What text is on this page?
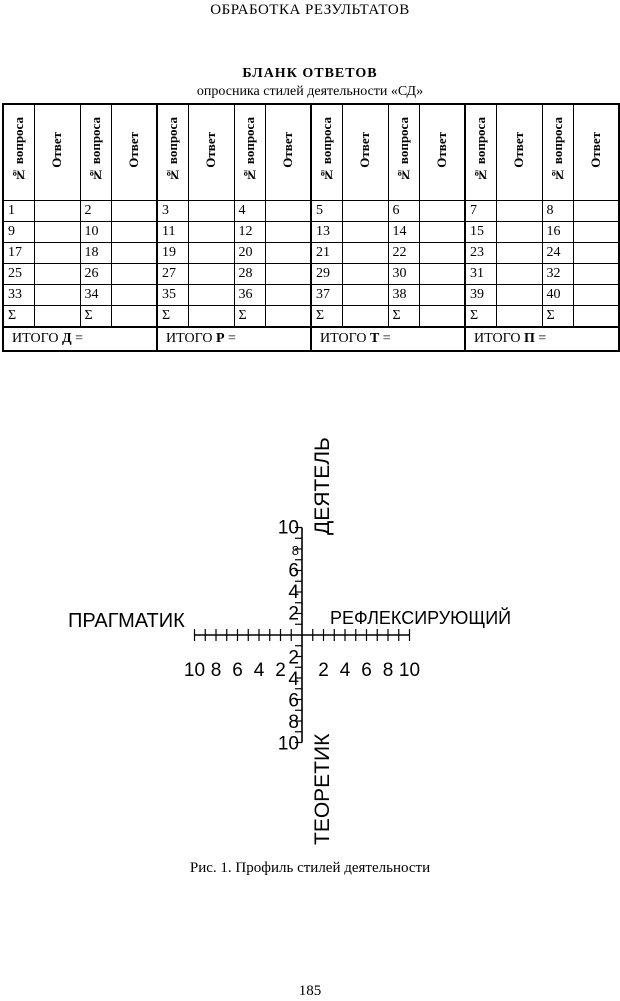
ОБРАБОТКА РЕЗУЛЬТАТОВ
БЛАНК ОТВЕТОВ
опросника стилей деятельности «СД»
№ вопроса	Ответ	№ вопроса	Ответ	№ вопроса	Ответ	№ вопроса	Ответ	№ вопроса	Ответ	№ вопроса	Ответ	№ вопроса	Ответ	№ вопроса	Ответ
1		2		3		4		5		6		7		8	
9		10		11		12		13		14		15		16	
17		18		19		20		21		22		23		24	
25		26		27		28		29		30		31		32	
33		34		35		36		37		38		39		40	
Σ		Σ		Σ		Σ		Σ		Σ		Σ		Σ	
ИТОГО Д =				ИТОГО Р =				ИТОГО Т =				ИТОГО П =			
2 2
4	4
6	6
8	8
10	10
2
2
4
4
6
6
8
8
10
10
ПРАГМАТИК	РЕФЛЕКСИРУЮЩИЙ
ДЕЯТЕЛЬ
ТЕОРЕТИК
Рис. 1. Профиль стилей деятельности
185
